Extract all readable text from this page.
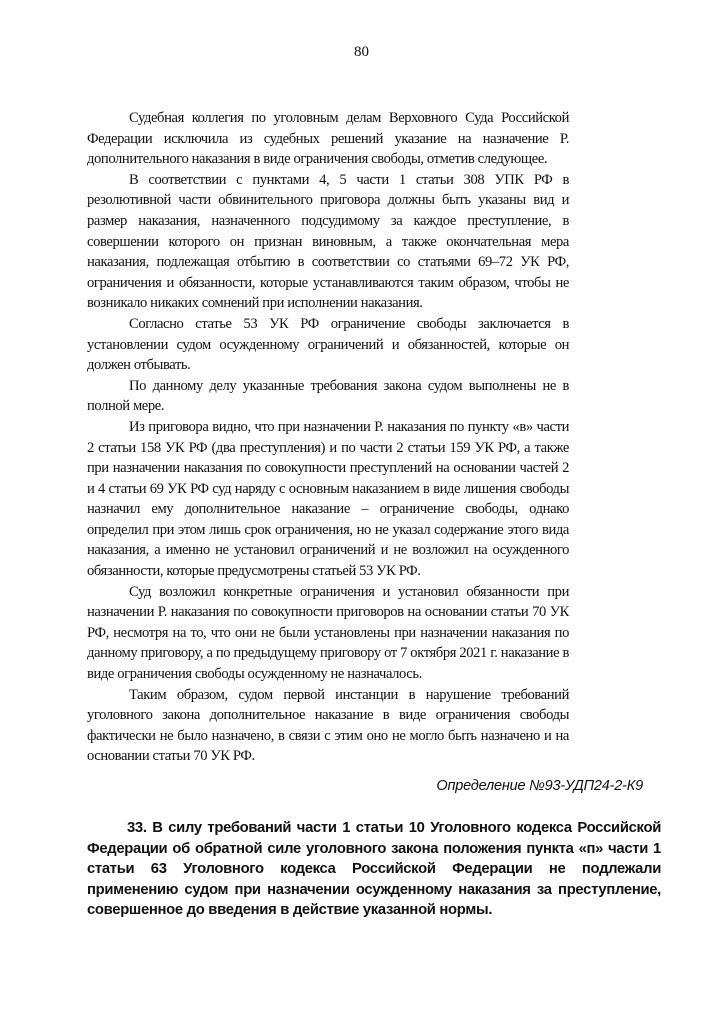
80

Судебная коллегия по уголовным делам Верховного Суда Российской Федерации исключила из судебных решений указание на назначение Р. дополнительного наказания в виде ограничения свободы, отметив следующее.

В соответствии с пунктами 4, 5 части 1 статьи 308 УПК РФ в резолютивной части обвинительного приговора должны быть указаны вид и размер наказания, назначенного подсудимому за каждое преступление, в совершении которого он признан виновным, а также окончательная мера наказания, подлежащая отбытию в соответствии со статьями 69–72 УК РФ, ограничения и обязанности, которые устанавливаются таким образом, чтобы не возникало никаких сомнений при исполнении наказания.

Согласно статье 53 УК РФ ограничение свободы заключается в установлении судом осужденному ограничений и обязанностей, которые он должен отбывать.

По данному делу указанные требования закона судом выполнены не в полной мере.

Из приговора видно, что при назначении Р. наказания по пункту «в» части 2 статьи 158 УК РФ (два преступления) и по части 2 статьи 159 УК РФ, а также при назначении наказания по совокупности преступлений на основании частей 2 и 4 статьи 69 УК РФ суд наряду с основным наказанием в виде лишения свободы назначил ему дополнительное наказание – ограничение свободы, однако определил при этом лишь срок ограничения, но не указал содержание этого вида наказания, а именно не установил ограничений и не возложил на осужденного обязанности, которые предусмотрены статьей 53 УК РФ.

Суд возложил конкретные ограничения и установил обязанности при назначении Р. наказания по совокупности приговоров на основании статьи 70 УК РФ, несмотря на то, что они не были установлены при назначении наказания по данному приговору, а по предыдущему приговору от 7 октября 2021 г. наказание в виде ограничения свободы осужденному не назначалось.

Таким образом, судом первой инстанции в нарушение требований уголовного закона дополнительное наказание в виде ограничения свободы фактически не было назначено, в связи с этим оно не могло быть назначено и на основании статьи 70 УК РФ.

Определение №93-УДП24-2-К9

33. В силу требований части 1 статьи 10 Уголовного кодекса Российской Федерации об обратной силе уголовного закона положения пункта «п» части 1 статьи 63 Уголовного кодекса Российской Федерации не подлежали применению судом при назначении осужденному наказания за преступление, совершенное до введения в действие указанной нормы.
